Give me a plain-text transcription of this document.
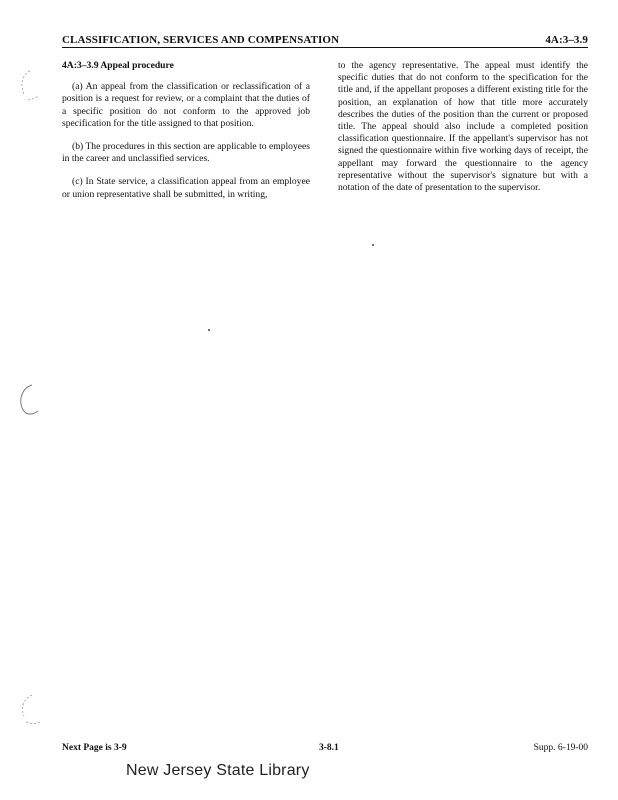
CLASSIFICATION, SERVICES AND COMPENSATION	4A:3–3.9

4A:3–3.9 Appeal procedure

(a) An appeal from the classification or reclassification of a position is a request for review, or a complaint that the duties of a specific position do not conform to the approved job specification for the title assigned to that position.

(b) The procedures in this section are applicable to employees in the career and unclassified services.

(c) In State service, a classification appeal from an employee or union representative shall be submitted, in writing,

to the agency representative. The appeal must identify the specific duties that do not conform to the specification for the title and, if the appellant proposes a different existing title for the position, an explanation of how that title more accurately describes the duties of the position than the current or proposed title. The appeal should also include a completed position classification questionnaire. If the appellant's supervisor has not signed the questionnaire within five working days of receipt, the appellant may forward the questionnaire to the agency representative without the supervisor's signature but with a notation of the date of presentation to the supervisor.

Next Page is 3-9	3-8.1	Supp. 6-19-00
New Jersey State Library
